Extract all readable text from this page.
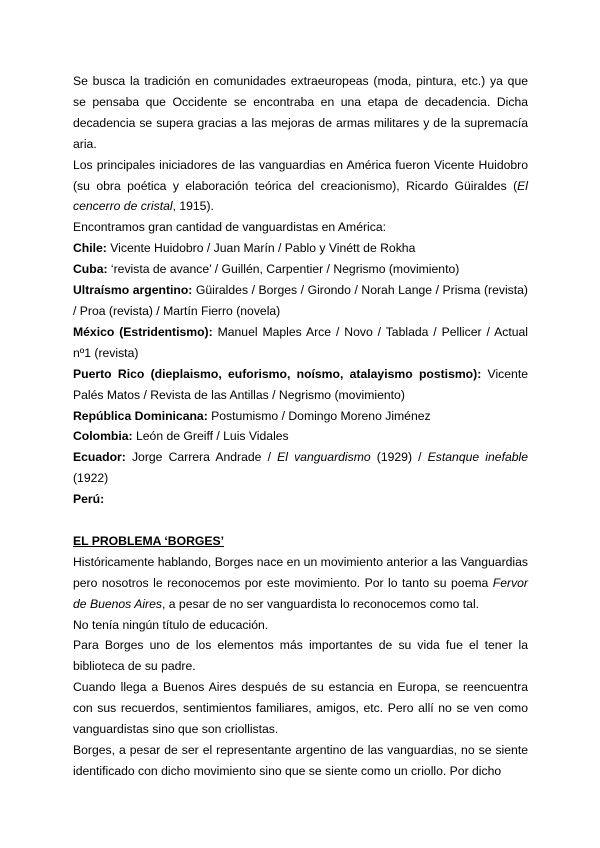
Se busca la tradición en comunidades extraeuropeas (moda, pintura, etc.) ya que se pensaba que Occidente se encontraba en una etapa de decadencia. Dicha decadencia se supera gracias a las mejoras de armas militares y de la supremacía aria.

Los principales iniciadores de las vanguardias en América fueron Vicente Huidobro (su obra poética y elaboración teórica del creacionismo), Ricardo Güiraldes (El cencerro de cristal, 1915).

Encontramos gran cantidad de vanguardistas en América:

Chile: Vicente Huidobro / Juan Marín / Pablo y Vinétt de Rokha

Cuba: ‘revista de avance’ / Guillén, Carpentier / Negrismo (movimiento)

Ultraísmo argentino: Güiraldes / Borges / Girondo / Norah Lange / Prisma (revista) / Proa (revista) / Martín Fierro (novela)

México (Estridentismo): Manuel Maples Arce / Novo / Tablada / Pellicer / Actual nº1 (revista)

Puerto Rico (dieplaismo, euforismo, noísmo, atalayismo postismo): Vicente Palés Matos / Revista de las Antillas / Negrismo (movimiento)

República Dominicana: Postumismo / Domingo Moreno Jiménez

Colombia: León de Greiff / Luis Vidales

Ecuador: Jorge Carrera Andrade / El vanguardismo (1929) / Estanque inefable (1922)

Perú:

EL PROBLEMA ‘BORGES’

Históricamente hablando, Borges nace en un movimiento anterior a las Vanguardias pero nosotros le reconocemos por este movimiento. Por lo tanto su poema Fervor de Buenos Aires, a pesar de no ser vanguardista lo reconocemos como tal.

No tenía ningún título de educación.

Para Borges uno de los elementos más importantes de su vida fue el tener la biblioteca de su padre.

Cuando llega a Buenos Aires después de su estancia en Europa, se reencuentra con sus recuerdos, sentimientos familiares, amigos, etc. Pero allí no se ven como vanguardistas sino que son criollistas.

Borges, a pesar de ser el representante argentino de las vanguardias, no se siente identificado con dicho movimiento sino que se siente como un criollo. Por dicho
